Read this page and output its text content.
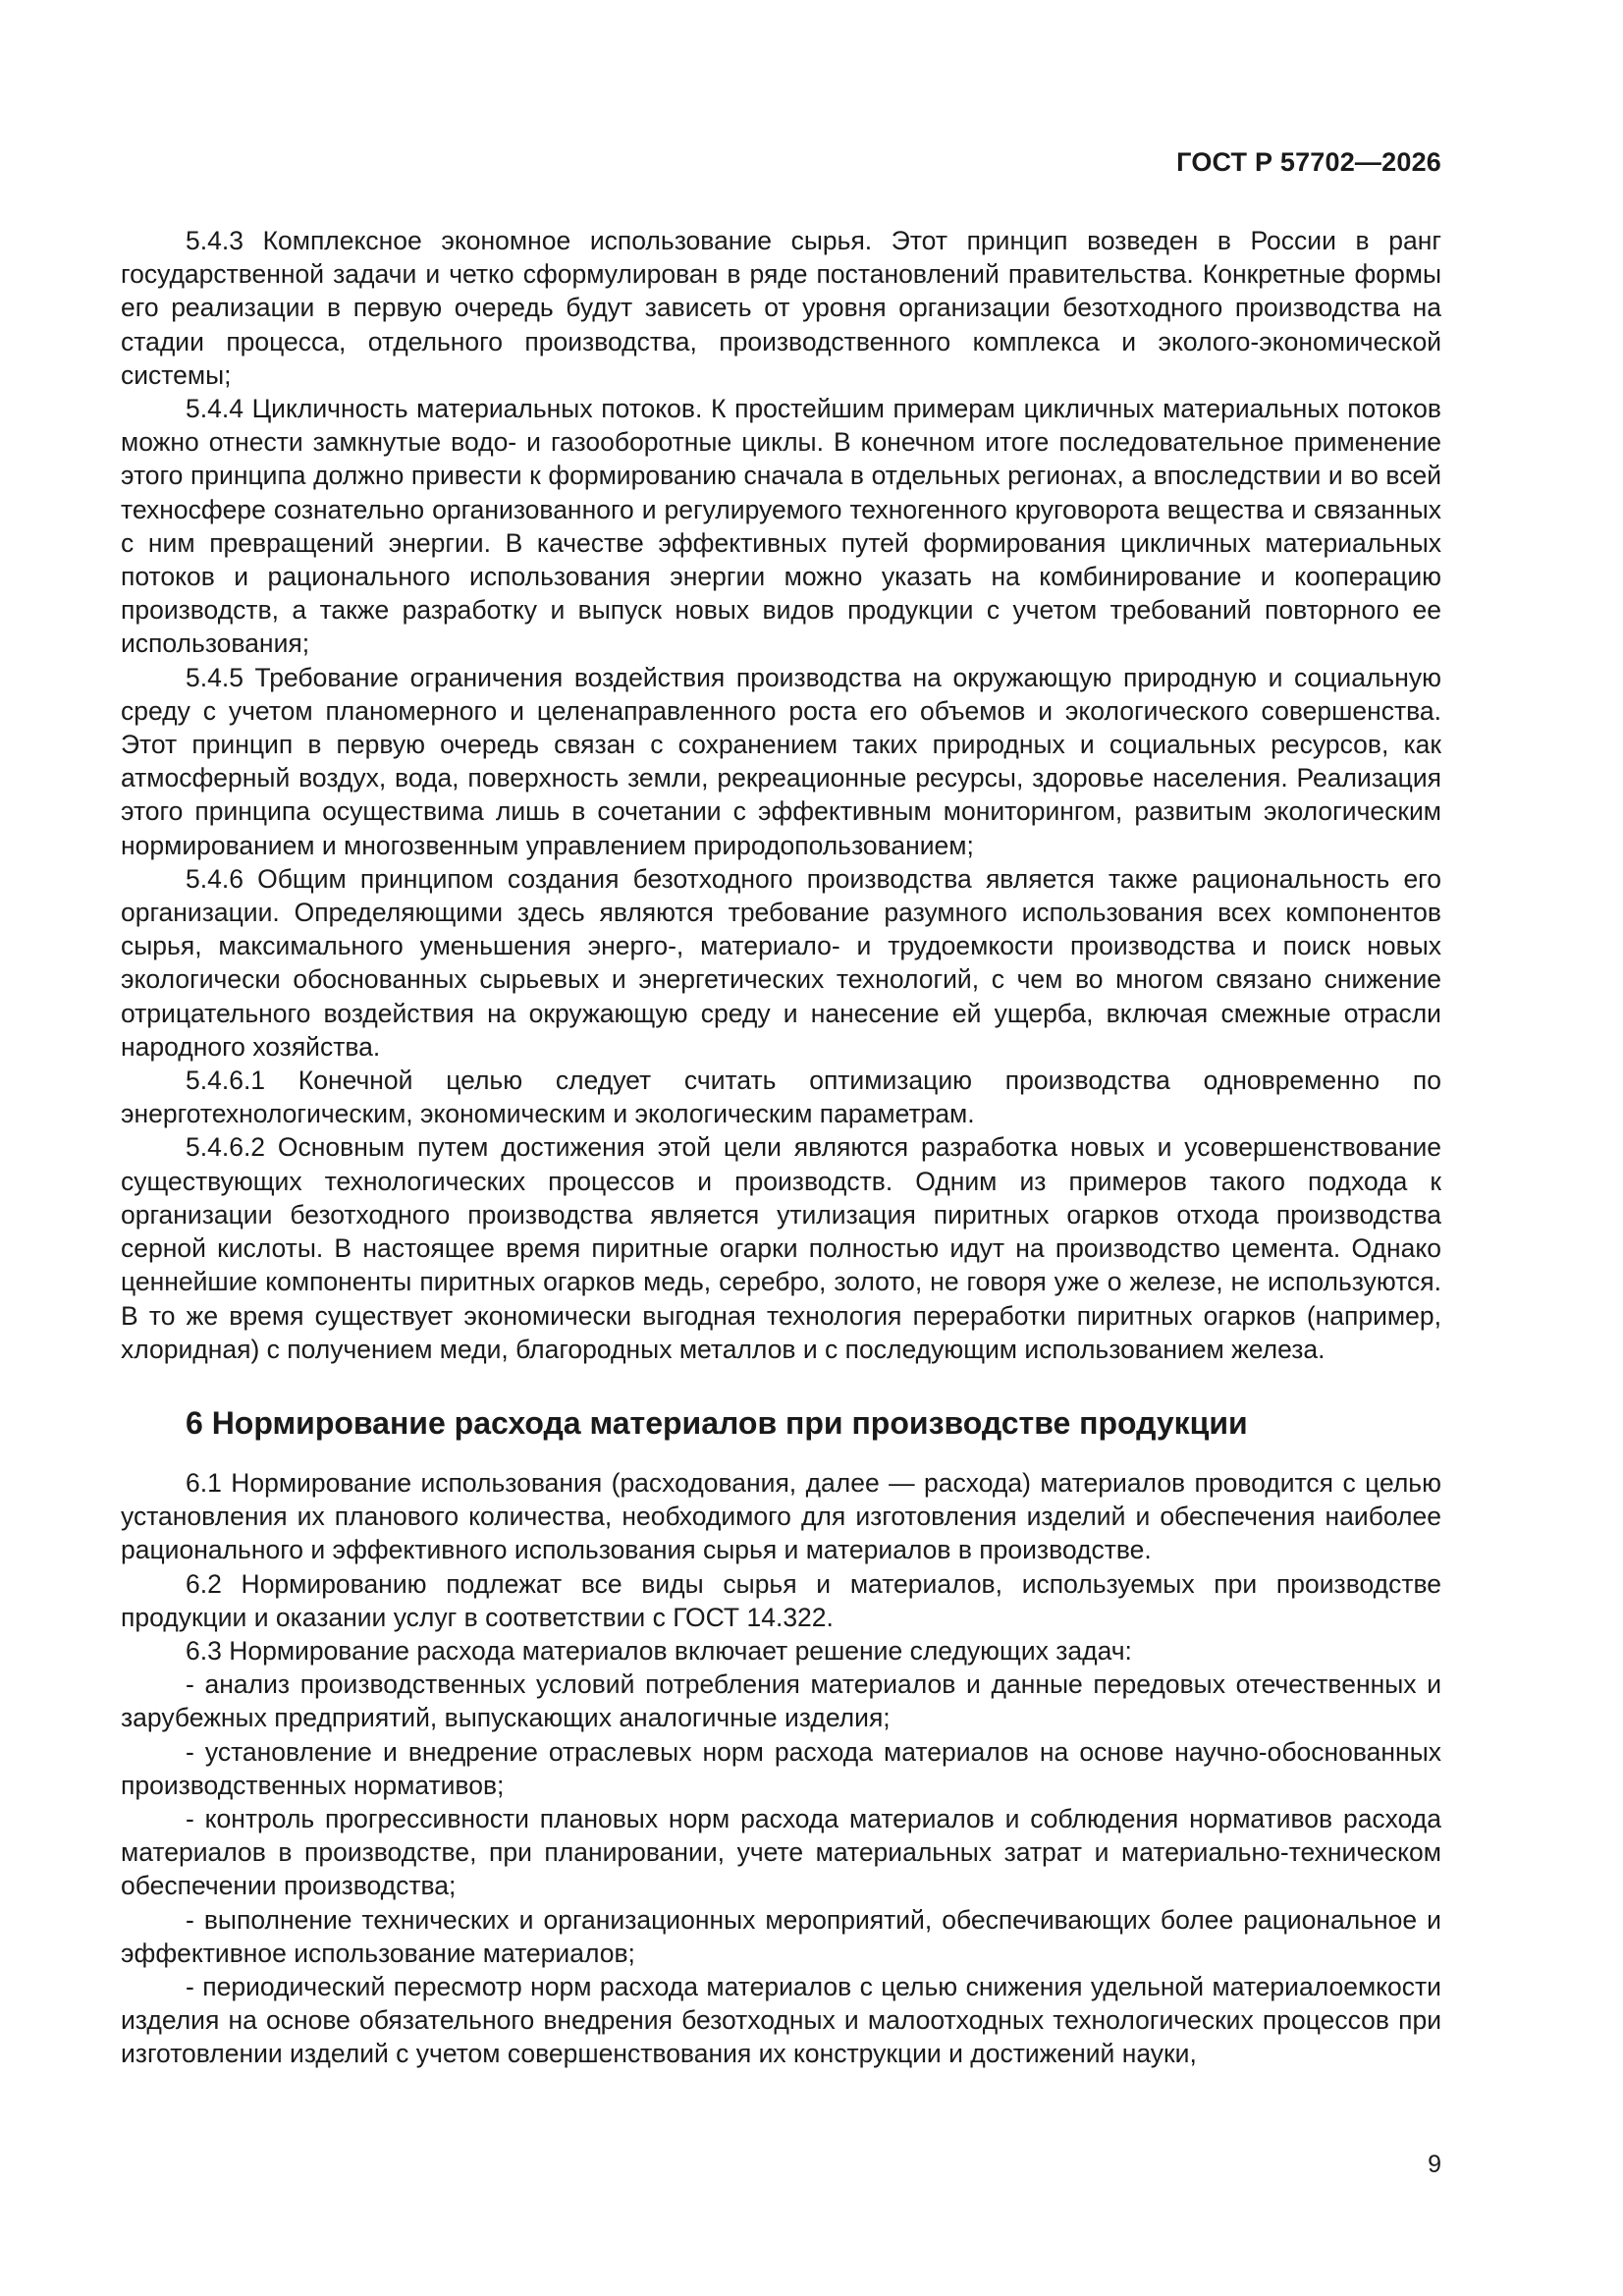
ГОСТ Р 57702—2026

5.4.3 Комплексное экономное использование сырья. Этот принцип возведен в России в ранг государственной задачи и четко сформулирован в ряде постановлений правительства. Конкретные формы его реализации в первую очередь будут зависеть от уровня организации безотходного производства на стадии процесса, отдельного производства, производственного комплекса и эколого-экономической системы;

5.4.4 Цикличность материальных потоков. К простейшим примерам цикличных материальных потоков можно отнести замкнутые водо- и газооборотные циклы. В конечном итоге последовательное применение этого принципа должно привести к формированию сначала в отдельных регионах, а впоследствии и во всей техносфере сознательно организованного и регулируемого техногенного круговорота вещества и связанных с ним превращений энергии. В качестве эффективных путей формирования цикличных материальных потоков и рационального использования энергии можно указать на комбинирование и кооперацию производств, а также разработку и выпуск новых видов продукции с учетом требований повторного ее использования;

5.4.5 Требование ограничения воздействия производства на окружающую природную и социальную среду с учетом планомерного и целенаправленного роста его объемов и экологического совершенства. Этот принцип в первую очередь связан с сохранением таких природных и социальных ресурсов, как атмосферный воздух, вода, поверхность земли, рекреационные ресурсы, здоровье населения. Реализация этого принципа осуществима лишь в сочетании с эффективным мониторингом, развитым экологическим нормированием и многозвенным управлением природопользованием;

5.4.6 Общим принципом создания безотходного производства является также рациональность его организации. Определяющими здесь являются требование разумного использования всех компонентов сырья, максимального уменьшения энерго-, материало- и трудоемкости производства и поиск новых экологически обоснованных сырьевых и энергетических технологий, с чем во многом связано снижение отрицательного воздействия на окружающую среду и нанесение ей ущерба, включая смежные отрасли народного хозяйства.

5.4.6.1 Конечной целью следует считать оптимизацию производства одновременно по энерготехнологическим, экономическим и экологическим параметрам.

5.4.6.2 Основным путем достижения этой цели являются разработка новых и усовершенствование существующих технологических процессов и производств. Одним из примеров такого подхода к организации безотходного производства является утилизация пиритных огарков отхода производства серной кислоты. В настоящее время пиритные огарки полностью идут на производство цемента. Однако ценнейшие компоненты пиритных огарков медь, серебро, золото, не говоря уже о железе, не используются. В то же время существует экономически выгодная технология переработки пиритных огарков (например, хлоридная) с получением меди, благородных металлов и с последующим использованием железа.

6 Нормирование расхода материалов при производстве продукции

6.1 Нормирование использования (расходования, далее — расхода) материалов проводится с целью установления их планового количества, необходимого для изготовления изделий и обеспечения наиболее рационального и эффективного использования сырья и материалов в производстве.

6.2 Нормированию подлежат все виды сырья и материалов, используемых при производстве продукции и оказании услуг в соответствии с ГОСТ 14.322.

6.3 Нормирование расхода материалов включает решение следующих задач:

- анализ производственных условий потребления материалов и данные передовых отечественных и зарубежных предприятий, выпускающих аналогичные изделия;

- установление и внедрение отраслевых норм расхода материалов на основе научно-обоснованных производственных нормативов;

- контроль прогрессивности плановых норм расхода материалов и соблюдения нормативов расхода материалов в производстве, при планировании, учете материальных затрат и материально-техническом обеспечении производства;

- выполнение технических и организационных мероприятий, обеспечивающих более рациональное и эффективное использование материалов;

- периодический пересмотр норм расхода материалов с целью снижения удельной материалоемкости изделия на основе обязательного внедрения безотходных и малоотходных технологических процессов при изготовлении изделий с учетом совершенствования их конструкции и достижений науки,

9
